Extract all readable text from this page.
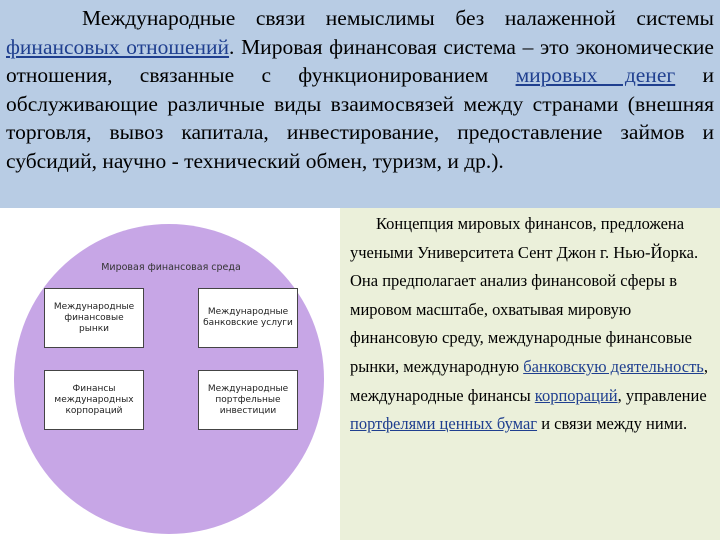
Международные связи немыслимы без налаженной системы финансовых отношений. Мировая финансовая система – это экономические отношения, связанные с функционированием мировых денег и обслуживающие различные виды взаимосвязей между странами (внешняя торговля, вывоз капитала, инвестирование, предоставление займов и субсидий, научно - технический обмен, туризм, и др.).

Мировая финансовая среда
Международные финансовые рынки
Международные банковские услуги
Финансы международных корпораций
Международные портфельные инвестиции

Концепция мировых финансов, предложена учеными Университета Сент Джон г. Нью-Йорка. Она предполагает анализ финансовой сферы в мировом масштабе, охватывая мировую финансовую среду, международные финансовые рынки, международную банковскую деятельность, международные финансы корпораций, управление портфелями ценных бумаг и связи между ними.
